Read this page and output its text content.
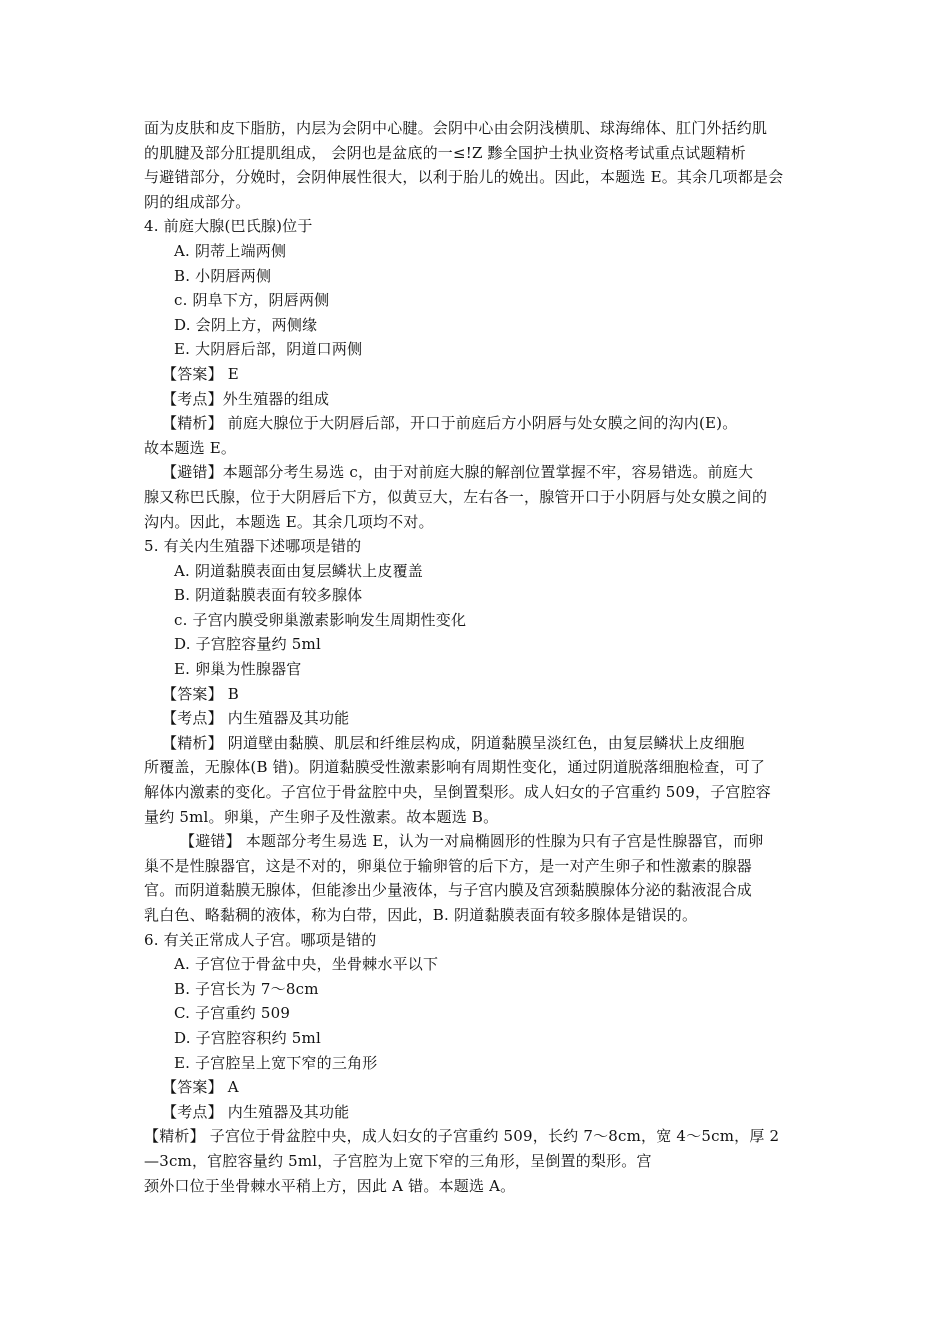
面为皮肤和皮下脂肪，内层为会阴中心腱。会阴中心由会阴浅横肌、球海绵体、肛门外括约肌
的肌腱及部分肛提肌组成， 会阴也是盆底的一≤!Z 黪全国护士执业资格考试重点试题精析
与避错部分，分娩时，会阴伸展性很大，以利于胎儿的娩出。因此，本题选 E。其余几项都是会
阴的组成部分。
4. 前庭大腺(巴氏腺)位于
A. 阴蒂上端两侧
B. 小阴唇两侧
c. 阴阜下方，阴唇两侧
D. 会阴上方，两侧缘
E. 大阴唇后部，阴道口两侧
【答案】 E
【考点】外生殖器的组成
【精析】 前庭大腺位于大阴唇后部，开口于前庭后方小阴唇与处女膜之间的沟内(E)。
故本题选 E。
【避错】本题部分考生易选 c，由于对前庭大腺的解剖位置掌握不牢，容易错选。前庭大
腺又称巴氏腺，位于大阴唇后下方，似黄豆大，左右各一，腺管开口于小阴唇与处女膜之间的
沟内。因此，本题选 E。其余几项均不对。
5. 有关内生殖器下述哪项是错的
A. 阴道黏膜表面由复层鳞状上皮覆盖
B. 阴道黏膜表面有较多腺体
c. 子宫内膜受卵巢激素影响发生周期性变化
D. 子宫腔容量约 5ml
E. 卵巢为性腺器官
【答案】 B
【考点】 内生殖器及其功能
【精析】 阴道壁由黏膜、肌层和纤维层构成，阴道黏膜呈淡红色，由复层鳞状上皮细胞
所覆盖，无腺体(B 错)。阴道黏膜受性激素影响有周期性变化，通过阴道脱落细胞检查，可了
解体内激素的变化。子宫位于骨盆腔中央，呈倒置梨形。成人妇女的子宫重约 509，子宫腔容
量约 5ml。卵巢，产生卵子及性激素。故本题选 B。
【避错】 本题部分考生易选 E，认为一对扁椭圆形的性腺为只有子宫是性腺器官，而卵
巢不是性腺器官，这是不对的，卵巢位于输卵管的后下方，是一对产生卵子和性激素的腺器
官。而阴道黏膜无腺体，但能渗出少量液体，与子宫内膜及宫颈黏膜腺体分泌的黏液混合成
乳白色、略黏稠的液体，称为白带，因此，B. 阴道黏膜表面有较多腺体是错误的。
6. 有关正常成人子宫。哪项是错的
A. 子宫位于骨盆中央，坐骨棘水平以下
B. 子宫长为 7～8cm
C. 子宫重约 509
D. 子宫腔容积约 5ml
E. 子宫腔呈上宽下窄的三角形
【答案】 A
【考点】 内生殖器及其功能
【精析】 子宫位于骨盆腔中央，成人妇女的子宫重约 509，长约 7～8cm，宽 4～5cm，厚 2
—3cm，官腔容量约 5ml，子宫腔为上宽下窄的三角形，呈倒置的梨形。宫
颈外口位于坐骨棘水平稍上方，因此 A 错。本题选 A。
